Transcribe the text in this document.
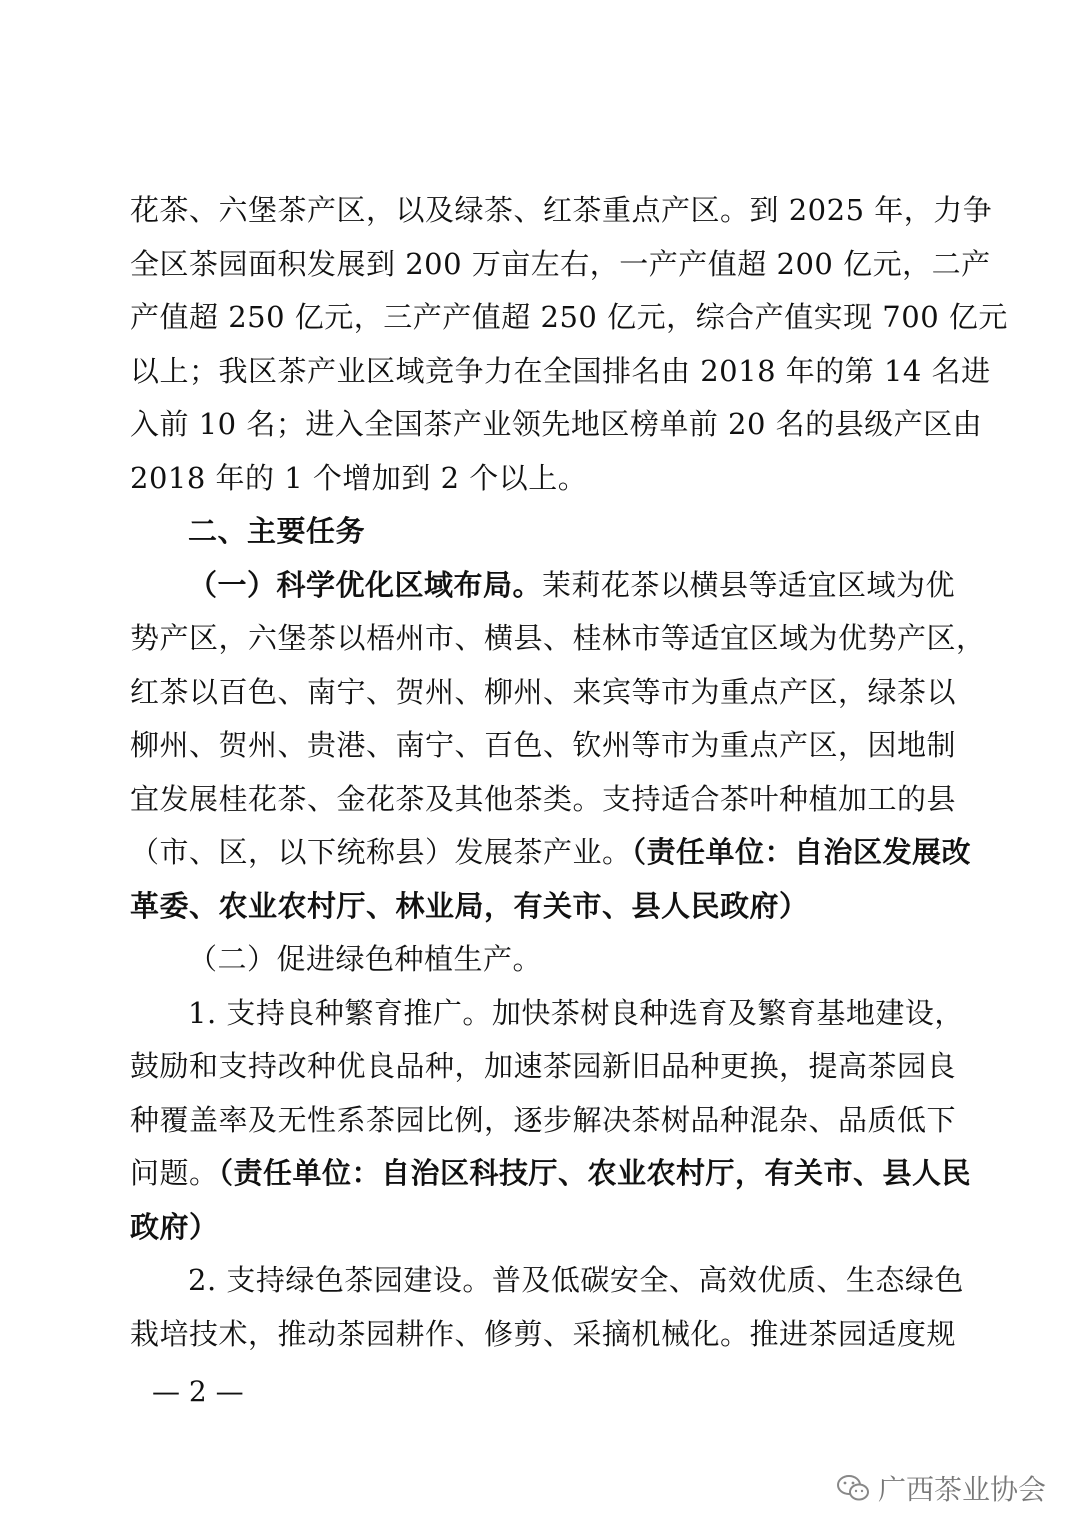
花茶、六堡茶产区，以及绿茶、红茶重点产区。到 2025 年，力争
全区茶园面积发展到 200 万亩左右，一产产值超 200 亿元，二产
产值超 250 亿元，三产产值超 250 亿元，综合产值实现 700 亿元
以上；我区茶产业区域竞争力在全国排名由 2018 年的第 14 名进
入前 10 名；进入全国茶产业领先地区榜单前 20 名的县级产区由
2018 年的 1 个增加到 2 个以上。
二、主要任务
（一）科学优化区域布局。茉莉花茶以横县等适宜区域为优
势产区，六堡茶以梧州市、横县、桂林市等适宜区域为优势产区，
红茶以百色、南宁、贺州、柳州、来宾等市为重点产区，绿茶以
柳州、贺州、贵港、南宁、百色、钦州等市为重点产区，因地制
宜发展桂花茶、金花茶及其他茶类。支持适合茶叶种植加工的县
（市、区，以下统称县）发展茶产业。（责任单位：自治区发展改
革委、农业农村厅、林业局，有关市、县人民政府）
（二）促进绿色种植生产。
1. 支持良种繁育推广。加快茶树良种选育及繁育基地建设，
鼓励和支持改种优良品种，加速茶园新旧品种更换，提高茶园良
种覆盖率及无性系茶园比例，逐步解决茶树品种混杂、品质低下
问题。（责任单位：自治区科技厅、农业农村厅，有关市、县人民
政府）
2. 支持绿色茶园建设。普及低碳安全、高效优质、生态绿色
栽培技术，推动茶园耕作、修剪、采摘机械化。推进茶园适度规
— 2 —
广西茶业协会
